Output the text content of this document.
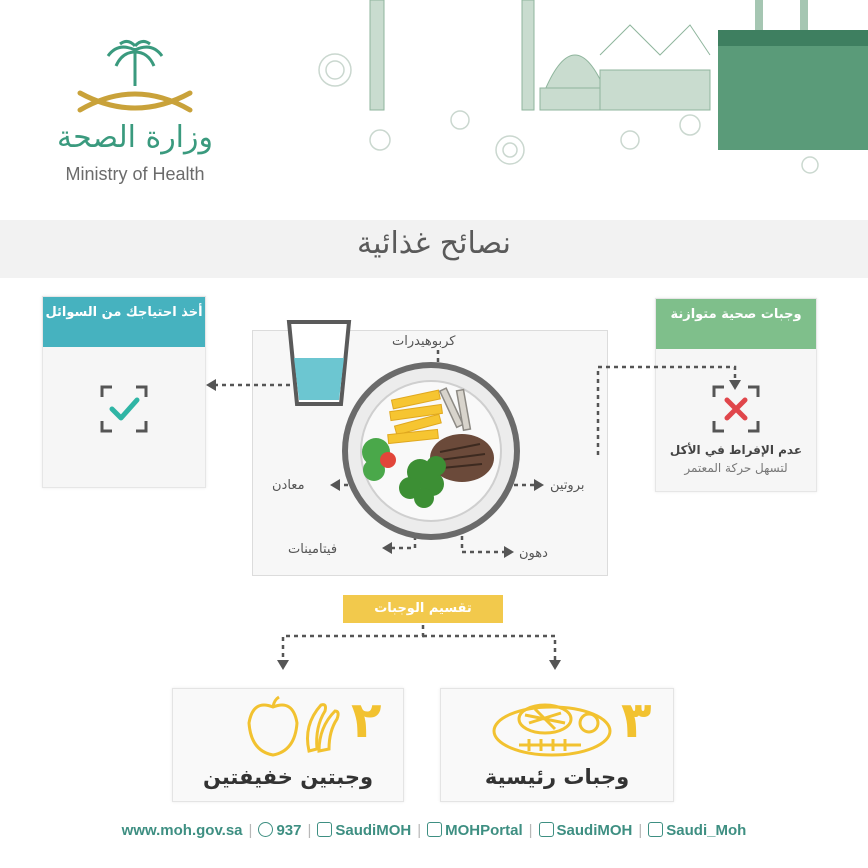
وزارة الصحة
Ministry of Health
نصائح غذائية
أخذ احتياجك من السوائل	وجبات صحية متوازنة
عدم الإفراط في الأكل
لتسهل حركة المعتمر
كربوهيدرات
معادن	بروتين
فيتامينات	دهون
تقسيم الوجبات
٢
وجبتين خفيفتين
٣
وجبات رئيسية
www.moh.gov.sa |	937 |	SaudiMOH |	MOHPortal |	SaudiMOH |	Saudi_Moh
